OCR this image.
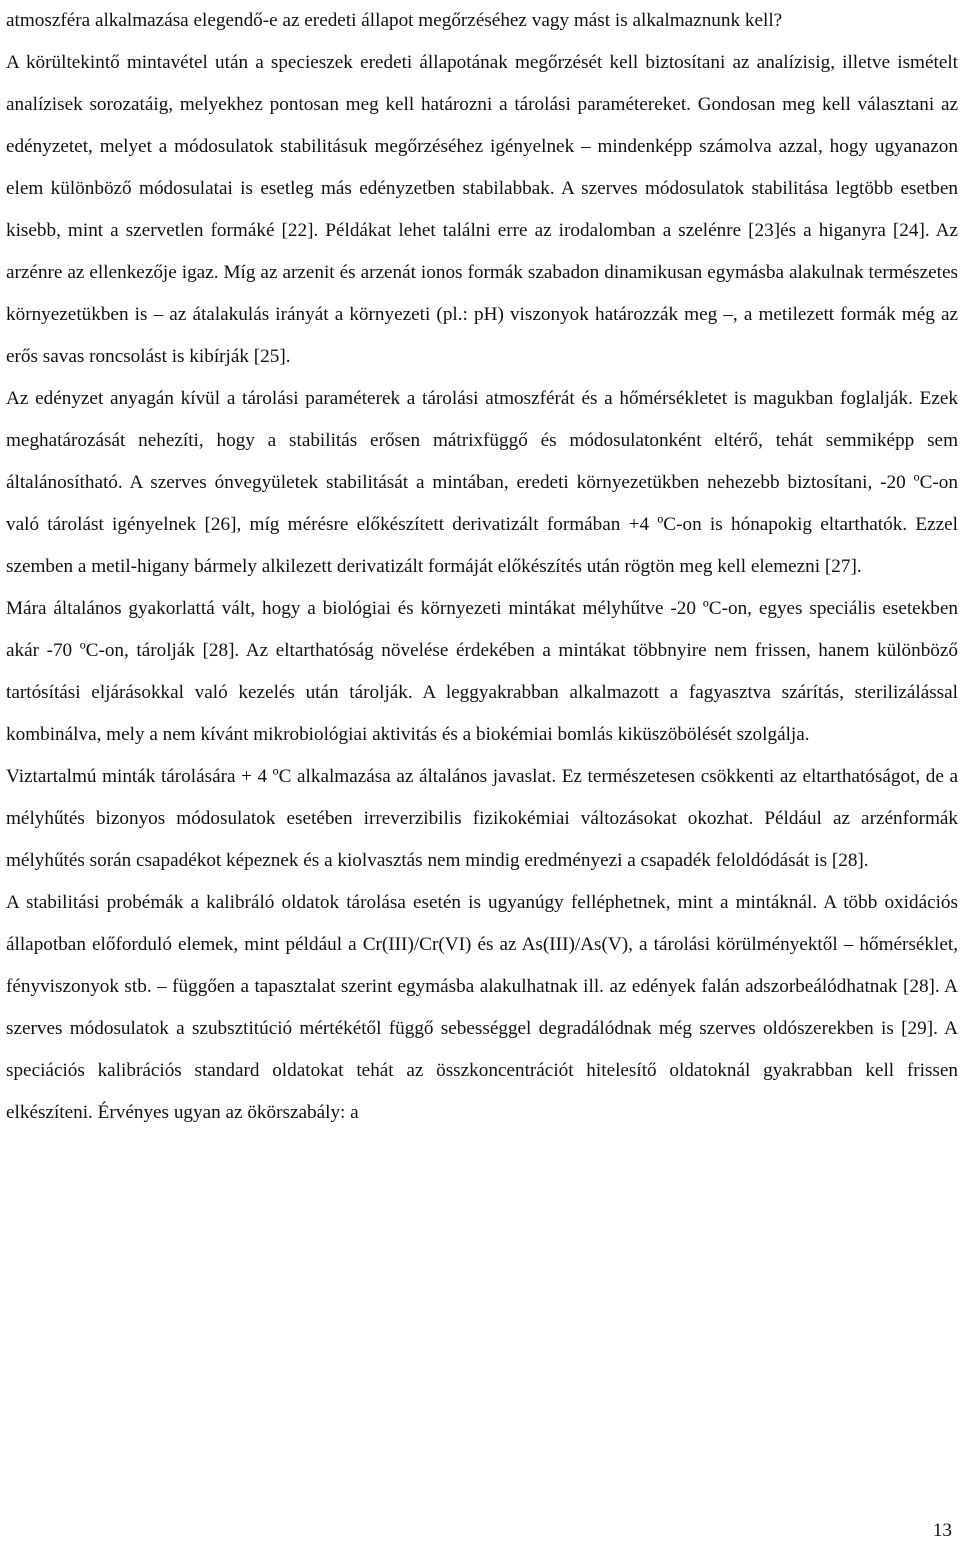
atmoszféra alkalmazása elegendő-e az eredeti állapot megőrzéséhez vagy mást is alkalmaznunk kell?

A körültekintő mintavétel után a specieszek eredeti állapotának megőrzését kell biztosítani az analízisig, illetve ismételt analízisek sorozatáig, melyekhez pontosan meg kell határozni a tárolási paramétereket. Gondosan meg kell választani az edényzetet, melyet a módosulatok stabilitásuk megőrzéséhez igényelnek – mindenképp számolva azzal, hogy ugyanazon elem különböző módosulatai is esetleg más edényzetben stabilabbak. A szerves módosulatok stabilitása legtöbb esetben kisebb, mint a szervetlen formáké [22]. Példákat lehet találni erre az irodalomban a szelénre [23]és a higanyra [24]. Az arzénre az ellenkezője igaz. Míg az arzenit és arzenát ionos formák szabadon dinamikusan egymásba alakulnak természetes környezetükben is – az átalakulás irányát a környezeti (pl.: pH) viszonyok határozzák meg –, a metilezett formák még az erős savas roncsolást is kibírják [25].

Az edényzet anyagán kívül a tárolási paraméterek a tárolási atmoszférát és a hőmérsékletet is magukban foglalják. Ezek meghatározását nehezíti, hogy a stabilitás erősen mátrixfüggő és módosulatonként eltérő, tehát semmiképp sem általánosítható. A szerves ónvegyületek stabilitását a mintában, eredeti környezetükben nehezebb biztosítani, -20 ºC-on való tárolást igényelnek [26], míg mérésre előkészített derivatizált formában +4 ºC-on is hónapokig eltarthatók. Ezzel szemben a metil-higany bármely alkilezett derivatizált formáját előkészítés után rögtön meg kell elemezni [27].

Mára általános gyakorlattá vált, hogy a biológiai és környezeti mintákat mélyhűtve -20 ºC-on, egyes speciális esetekben akár -70 ºC-on, tárolják [28]. Az eltarthatóság növelése érdekében a mintákat többnyire nem frissen, hanem különböző tartósítási eljárásokkal való kezelés után tárolják. A leggyakrabban alkalmazott a fagyasztva szárítás, sterilizálással kombinálva, mely a nem kívánt mikrobiológiai aktivitás és a biokémiai bomlás kiküszöbölését szolgálja.

Viztartalmú minták tárolására + 4 ºC alkalmazása az általános javaslat. Ez természetesen csökkenti az eltarthatóságot, de a mélyhűtés bizonyos módosulatok esetében irreverzibilis fizikokémiai változásokat okozhat. Például az arzénformák mélyhűtés során csapadékot képeznek és a kiolvasztás nem mindig eredményezi a csapadék feloldódását is [28].

A stabilitási probémák a kalibráló oldatok tárolása esetén is ugyanúgy felléphetnek, mint a mintáknál. A több oxidációs állapotban előforduló elemek, mint például a Cr(III)/Cr(VI) és az As(III)/As(V), a tárolási körülményektől – hőmérséklet, fényviszonyok stb. – függően a tapasztalat szerint egymásba alakulhatnak ill. az edények falán adszorbeálódhatnak [28]. A szerves módosulatok a szubsztitúció mértékétől függő sebességgel degradálódnak még szerves oldószerekben is [29]. A speciációs kalibrációs standard oldatokat tehát az összkoncentrációt hitelesítő oldatoknál gyakrabban kell frissen elkészíteni. Érvényes ugyan az ökörszabály: a

13
